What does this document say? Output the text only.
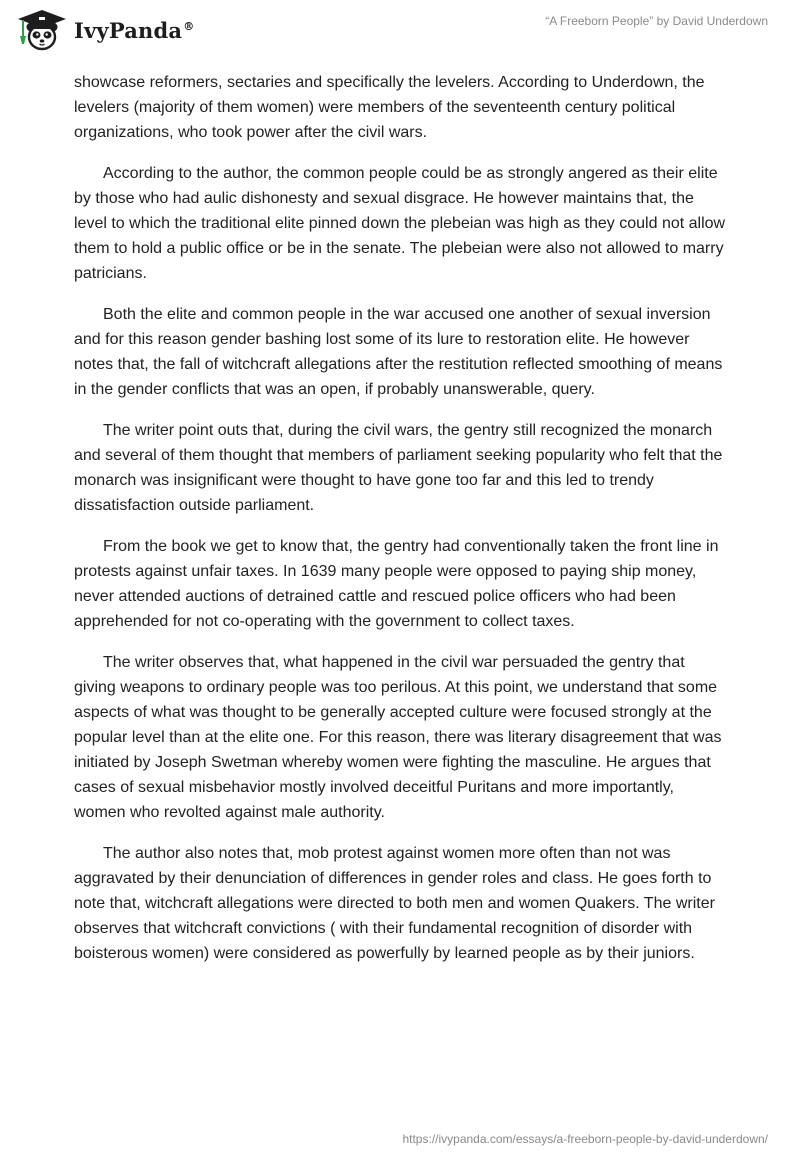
IvyPanda®	“A Freeborn People” by David Underdown

showcase reformers, sectaries and specifically the levelers. According to Underdown, the levelers (majority of them women) were members of the seventeenth century political organizations, who took power after the civil wars.

According to the author, the common people could be as strongly angered as their elite by those who had aulic dishonesty and sexual disgrace. He however maintains that, the level to which the traditional elite pinned down the plebeian was high as they could not allow them to hold a public office or be in the senate. The plebeian were also not allowed to marry patricians.

Both the elite and common people in the war accused one another of sexual inversion and for this reason gender bashing lost some of its lure to restoration elite. He however notes that, the fall of witchcraft allegations after the restitution reflected smoothing of means in the gender conflicts that was an open, if probably unanswerable, query.

The writer point outs that, during the civil wars, the gentry still recognized the monarch and several of them thought that members of parliament seeking popularity who felt that the monarch was insignificant were thought to have gone too far and this led to trendy dissatisfaction outside parliament.

From the book we get to know that, the gentry had conventionally taken the front line in protests against unfair taxes. In 1639 many people were opposed to paying ship money, never attended auctions of detrained cattle and rescued police officers who had been apprehended for not co-operating with the government to collect taxes.

The writer observes that, what happened in the civil war persuaded the gentry that giving weapons to ordinary people was too perilous. At this point, we understand that some aspects of what was thought to be generally accepted culture were focused strongly at the popular level than at the elite one. For this reason, there was literary disagreement that was initiated by Joseph Swetman whereby women were fighting the masculine. He argues that cases of sexual misbehavior mostly involved deceitful Puritans and more importantly, women who revolted against male authority.

The author also notes that, mob protest against women more often than not was aggravated by their denunciation of differences in gender roles and class. He goes forth to note that, witchcraft allegations were directed to both men and women Quakers. The writer observes that witchcraft convictions ( with their fundamental recognition of disorder with boisterous women) were considered as powerfully by learned people as by their juniors.

https://ivypanda.com/essays/a-freeborn-people-by-david-underdown/
